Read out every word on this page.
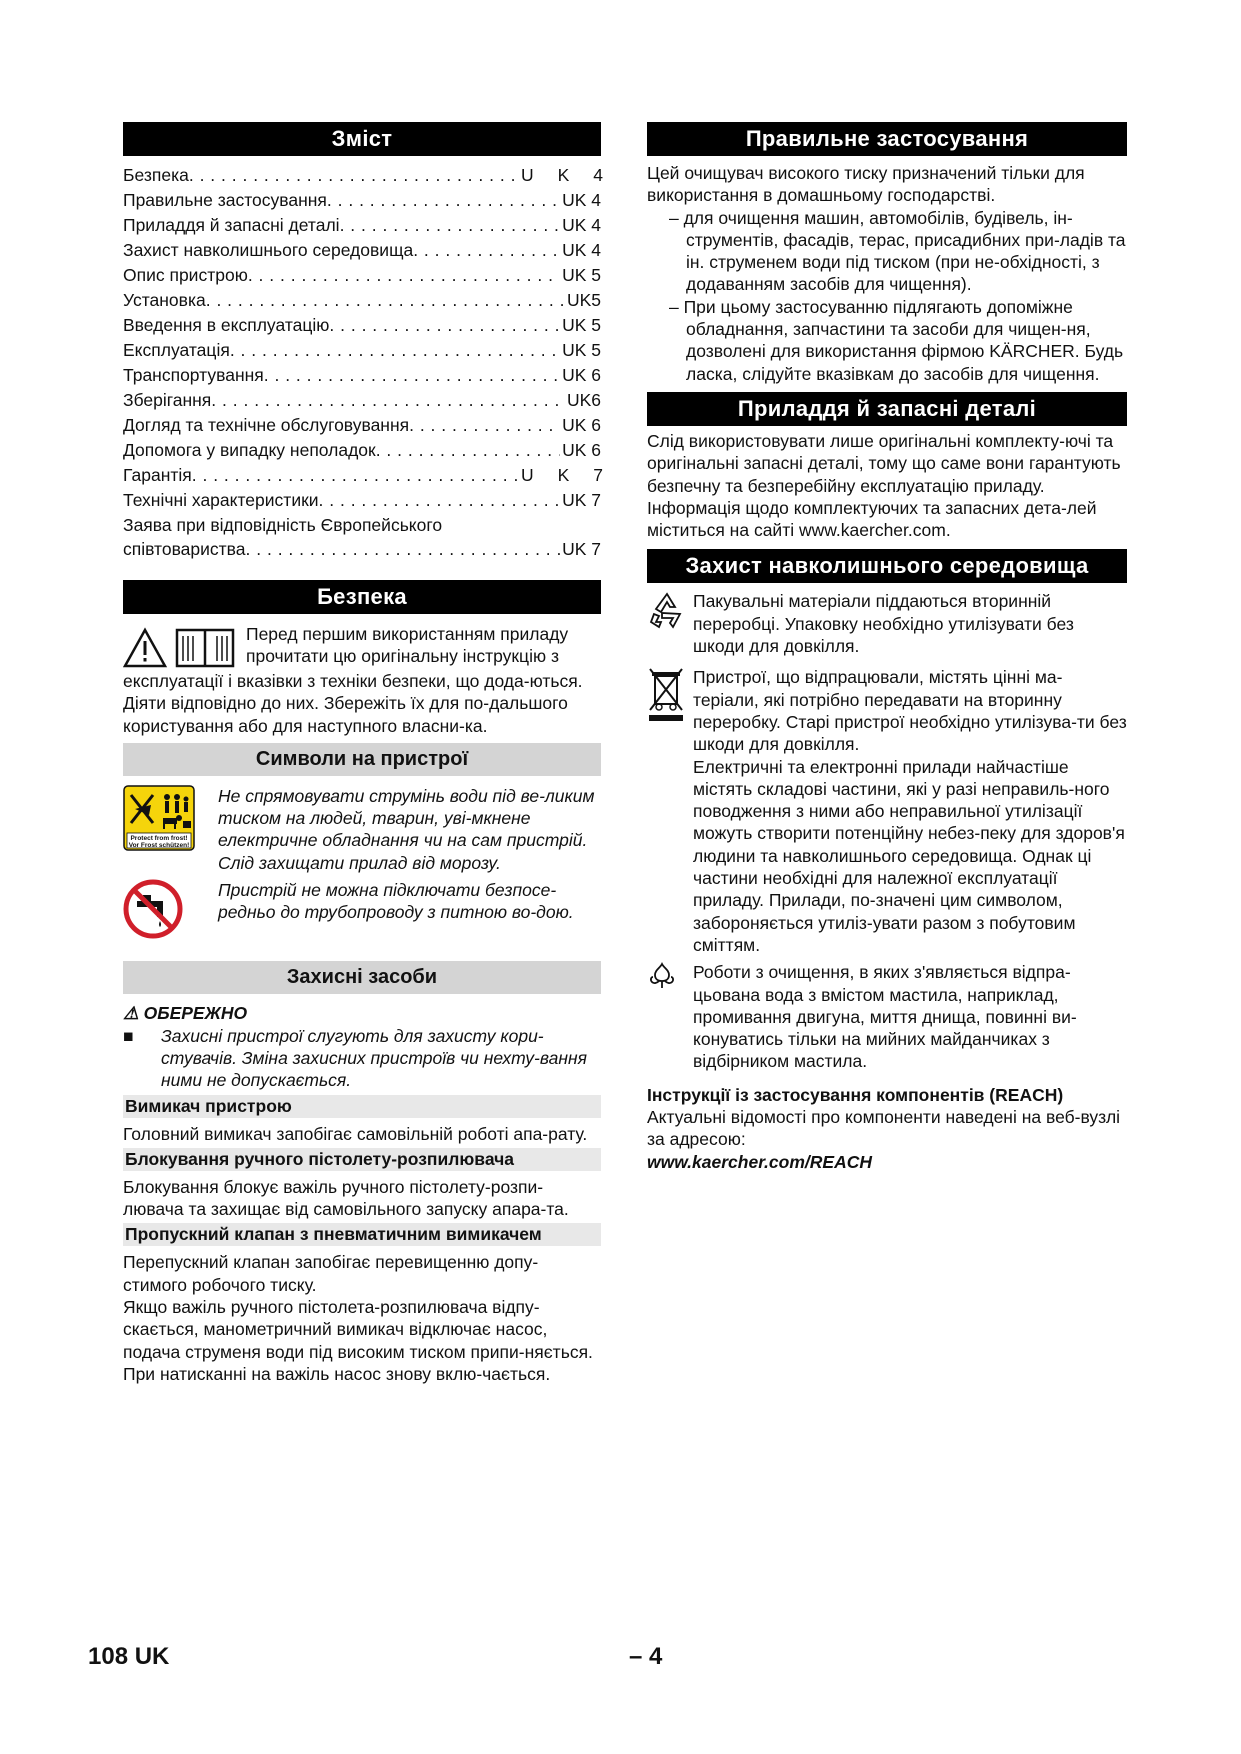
Зміст
Безпека . . .	UK4
Правильне застосування . . .	UK 4
Приладдя й запасні деталі . . .	UK 4
Захист навколишнього середовища . . .	UK 4
Опис пристрою . . .	UK 5
Установка . . .	UK5
Введення в експлуатацію . . .	UK 5
Експлуатація . . .	UK 5
Транспортування . . .	UK 6
Зберігання . . .	UK6
Догляд та технічне обслуговування . . .	UK 6
Допомога у випадку неполадок . . .	UK 6
Гарантія . . .	UK7
Технічні характеристики . . .	UK 7
Заява при відповідність Європейського
співтовариства . . .	UK 7
Безпека

Перед першим використанням приладу прочитати цю оригінальну інструкцію з

експлуатації і вказівки з техніки безпеки, що дода-ються. Діяти відповідно до них. Збережіть їх для по-дальшого користування або для наступного власни-ка.

Символи на пристрої
Protect from frost!
Vor Frost schützen!

Не спрямовувати струмінь води під ве-ликим тиском на людей, тварин, уві-мкнене електричне обладнання чи на сам пристрій.

Слід захищати прилад від морозу.

Пристрій не можна підключати безпосе-редньо до трубопроводу з питною во-дою.

Захисні засоби
⚠ ОБЕРЕЖНО
■	Захисні пристрої слугують для захисту кори-стувачів. Зміна захисних пристроїв чи нехту-вання ними не допускається.

Вимикач пристрою

Головний вимикач запобігає самовільній роботі апа-рату.

Блокування ручного пістолету-розпилювача

Блокування блокує важіль ручного пістолету-розпи-лювача та захищає від самовільного запуску апара-та.

Пропускний клапан з пневматичним вимикачем

Перепускний клапан запобігає перевищенню допу-стимого робочого тиску.

Якщо важіль ручного пістолета-розпилювача відпу-скається, манометричний вимикач відключає насос, подача струменя води під високим тиском припи-няється. При натисканні на важіль насос знову вклю-чається.

Правильне застосування

Цей очищувач високого тиску призначений тільки для використання в домашньому господарстві.

– для очищення машин, автомобілів, будівель, ін-струментів, фасадів, терас, присадибних при-ладів та ін. струменем води під тиском (при не-обхідності, з додаванням засобів для чищення).

– При цьому застосуванню підлягають допоміжне обладнання, запчастини та засоби для чищен-ня, дозволені для використання фірмою KÄRCHER. Будь ласка, слідуйте вказівкам до засобів для чищення.

Приладдя й запасні деталі

Слід використовувати лише оригінальні комплекту-ючі та оригінальні запасні деталі, тому що саме вони гарантують безпечну та безперебійну експлуатацію приладу.

Інформація щодо комплектуючих та запасних дета-лей міститься на сайті www.kaercher.com.

Захист навколишнього середовища

Пакувальні матеріали піддаються вторинній переробці. Упаковку необхідно утилізувати без шкоди для довкілля.

Пристрої, що відпрацювали, містять цінні ма-теріали, які потрібно передавати на вторинну переробку. Старі пристрої необхідно утилізува-ти без шкоди для довкілля.

Електричні та електронні прилади найчастіше містять складові частини, які у разі неправиль-ного поводження з ними або неправильної утилізації можуть створити потенційну небез-пеку для здоров'я людини та навколишнього середовища. Однак ці частини необхідні для належної експлуатації приладу. Прилади, по-значені цим символом, забороняється утиліз-увати разом з побутовим сміттям.

Роботи з очищення, в яких з'являється відпра-цьована вода з вмістом мастила, наприклад, промивання двигуна, миття днища, повинні ви-конуватись тільки на мийних майданчиках з відбірником мастила.

Інструкції із застосування компонентів (REACH)

Актуальні відомості про компоненти наведені на веб-вузлі за адресою:

www.kaercher.com/REACH

108 UK	– 4
